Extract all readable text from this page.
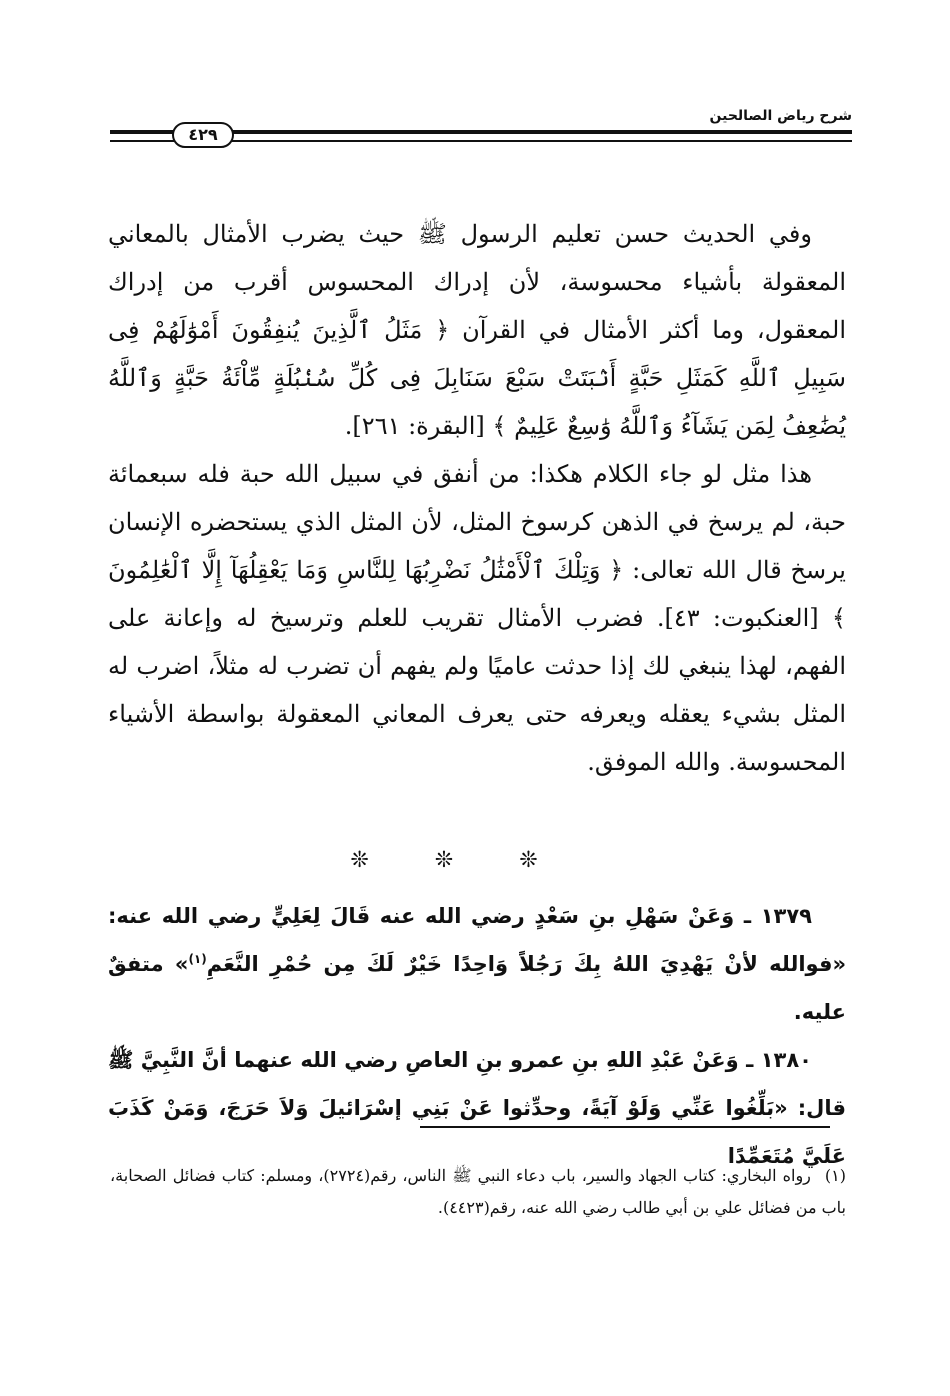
شرح رياض الصالحين
٤٢٩

وفي الحديث حسن تعليم الرسول ﷺ حيث يضرب الأمثال بالمعاني المعقولة بأشياء محسوسة، لأن إدراك المحسوس أقرب من إدراك المعقول، وما أكثر الأمثال في القرآن ﴿ مَثَلُ ٱلَّذِينَ يُنفِقُونَ أَمْوَٰلَهُمْ فِى سَبِيلِ ٱللَّهِ كَمَثَلِ حَبَّةٍ أَنۢبَتَتْ سَبْعَ سَنَابِلَ فِى كُلِّ سُنۢبُلَةٍ مِّاْئَةُ حَبَّةٍ وَٱللَّهُ يُضَٰعِفُ لِمَن يَشَآءُ وَٱللَّهُ وَٰسِعٌ عَلِيمٌ ﴾ [البقرة: ٢٦١].

هذا مثل لو جاء الكلام هكذا: من أنفق في سبيل الله حبة فله سبعمائة حبة، لم يرسخ في الذهن كرسوخ المثل، لأن المثل الذي يستحضره الإنسان يرسخ قال الله تعالى: ﴿ وَتِلْكَ ٱلْأَمْثَٰلُ نَضْرِبُهَا لِلنَّاسِ وَمَا يَعْقِلُهَآ إِلَّا ٱلْعَٰلِمُونَ ﴾ [العنكبوت: ٤٣]. فضرب الأمثال تقريب للعلم وترسيخ له وإعانة على الفهم، لهذا ينبغي لك إذا حدثت عاميًا ولم يفهم أن تضرب له مثلاً، اضرب له المثل بشيء يعقله ويعرفه حتى يعرف المعاني المعقولة بواسطة الأشياء المحسوسة. والله الموفق.

❊❊❊

١٣٧٩ ـ وَعَنْ سَهْلِ بنِ سَعْدٍ رضي الله عنه قَالَ لِعَلِيٍّ رضي الله عنه: «فوالله لأنْ يَهْدِيَ اللهُ بِكَ رَجُلاً وَاحِدًا خَيْرٌ لَكَ مِن حُمْرِ النَّعَمِ$^{(١)}$» متفقٌ عليه.

١٣٨٠ ـ وَعَنْ عَبْدِ اللهِ بنِ عمرو بنِ العاصِ رضي الله عنهما أنَّ النَّبِيَّ ﷺ قال: «بَلِّغُوا عَنِّي وَلَوْ آيَةً، وحدِّثوا عَنْ بَنِي إسْرَائيلَ وَلاَ حَرَجَ، وَمَنْ كَذَبَ عَلَيَّ مُتَعَمِّدًا

(١)رواه البخاري: كتاب الجهاد والسير، باب دعاء النبي ﷺ الناس، رقم(٢٧٢٤)، ومسلم: كتاب فضائل الصحابة، باب من فضائل علي بن أبي طالب رضي الله عنه، رقم(٤٤٢٣).
